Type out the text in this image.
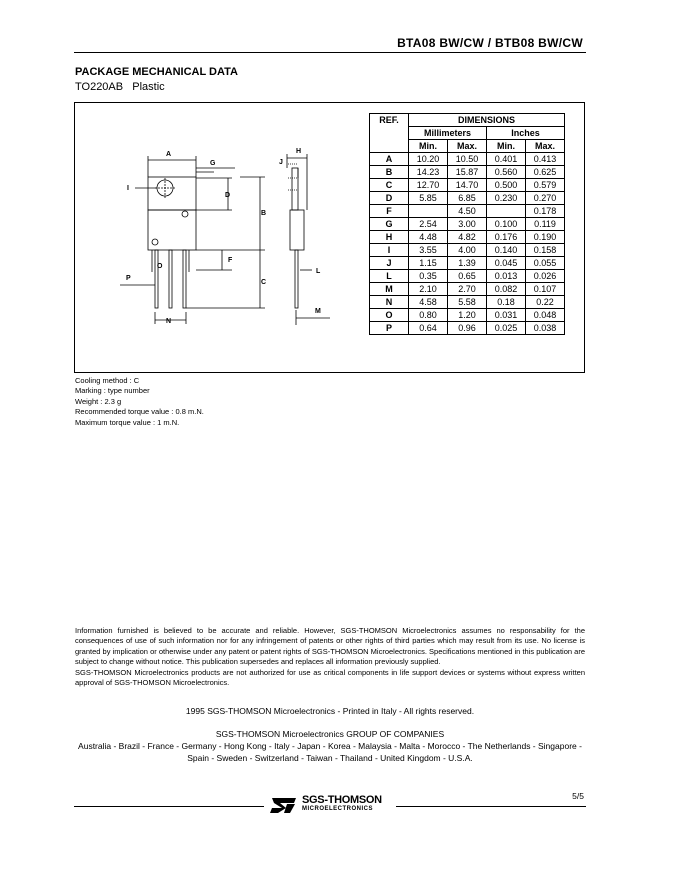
BTA08 BW/CW / BTB08 BW/CW
PACKAGE MECHANICAL DATA
TO220AB Plastic
A
G
I
D
B
O
F
P
C
N
H
J
L
M
REF.	DIMENSIONS			
	Millimeters		Inches	
	Min.	Max.	Min.	Max.
A	10.20	10.50	0.401	0.413
B	14.23	15.87	0.560	0.625
C	12.70	14.70	0.500	0.579
D	5.85	6.85	0.230	0.270
F		4.50		0.178
G	2.54	3.00	0.100	0.119
H	4.48	4.82	0.176	0.190
I	3.55	4.00	0.140	0.158
J	1.15	1.39	0.045	0.055
L	0.35	0.65	0.013	0.026
M	2.10	2.70	0.082	0.107
N	4.58	5.58	0.18	0.22
O	0.80	1.20	0.031	0.048
P	0.64	0.96	0.025	0.038
Cooling method : C
Marking : type number
Weight : 2.3 g
Recommended torque value : 0.8 m.N.
Maximum torque value : 1 m.N.
Information furnished is believed to be accurate and reliable. However, SGS-THOMSON Microelectronics assumes no responsability for the consequences of use of such information nor for any infringement of patents or other rights of third parties which may result from its use. No license is granted by implication or otherwise under any patent or patent rights of SGS-THOMSON Microelectronics. Specifications mentioned in this publication are subject to change without notice. This publication supersedes and replaces all information previously supplied.
SGS-THOMSON Microelectronics products are not authorized for use as critical components in life support devices or systems without express written approval of SGS-THOMSON Microelectronics.
1995 SGS-THOMSON Microelectronics - Printed in Italy - All rights reserved.
SGS-THOMSON Microelectronics GROUP OF COMPANIES
Australia - Brazil - France - Germany - Hong Kong - Italy - Japan - Korea - Malaysia - Malta - Morocco - The Netherlands - Singapore - Spain - Sweden - Switzerland - Taiwan - Thailand - United Kingdom - U.S.A.
5/5
SGS-THOMSON
MICROELECTRONICS
